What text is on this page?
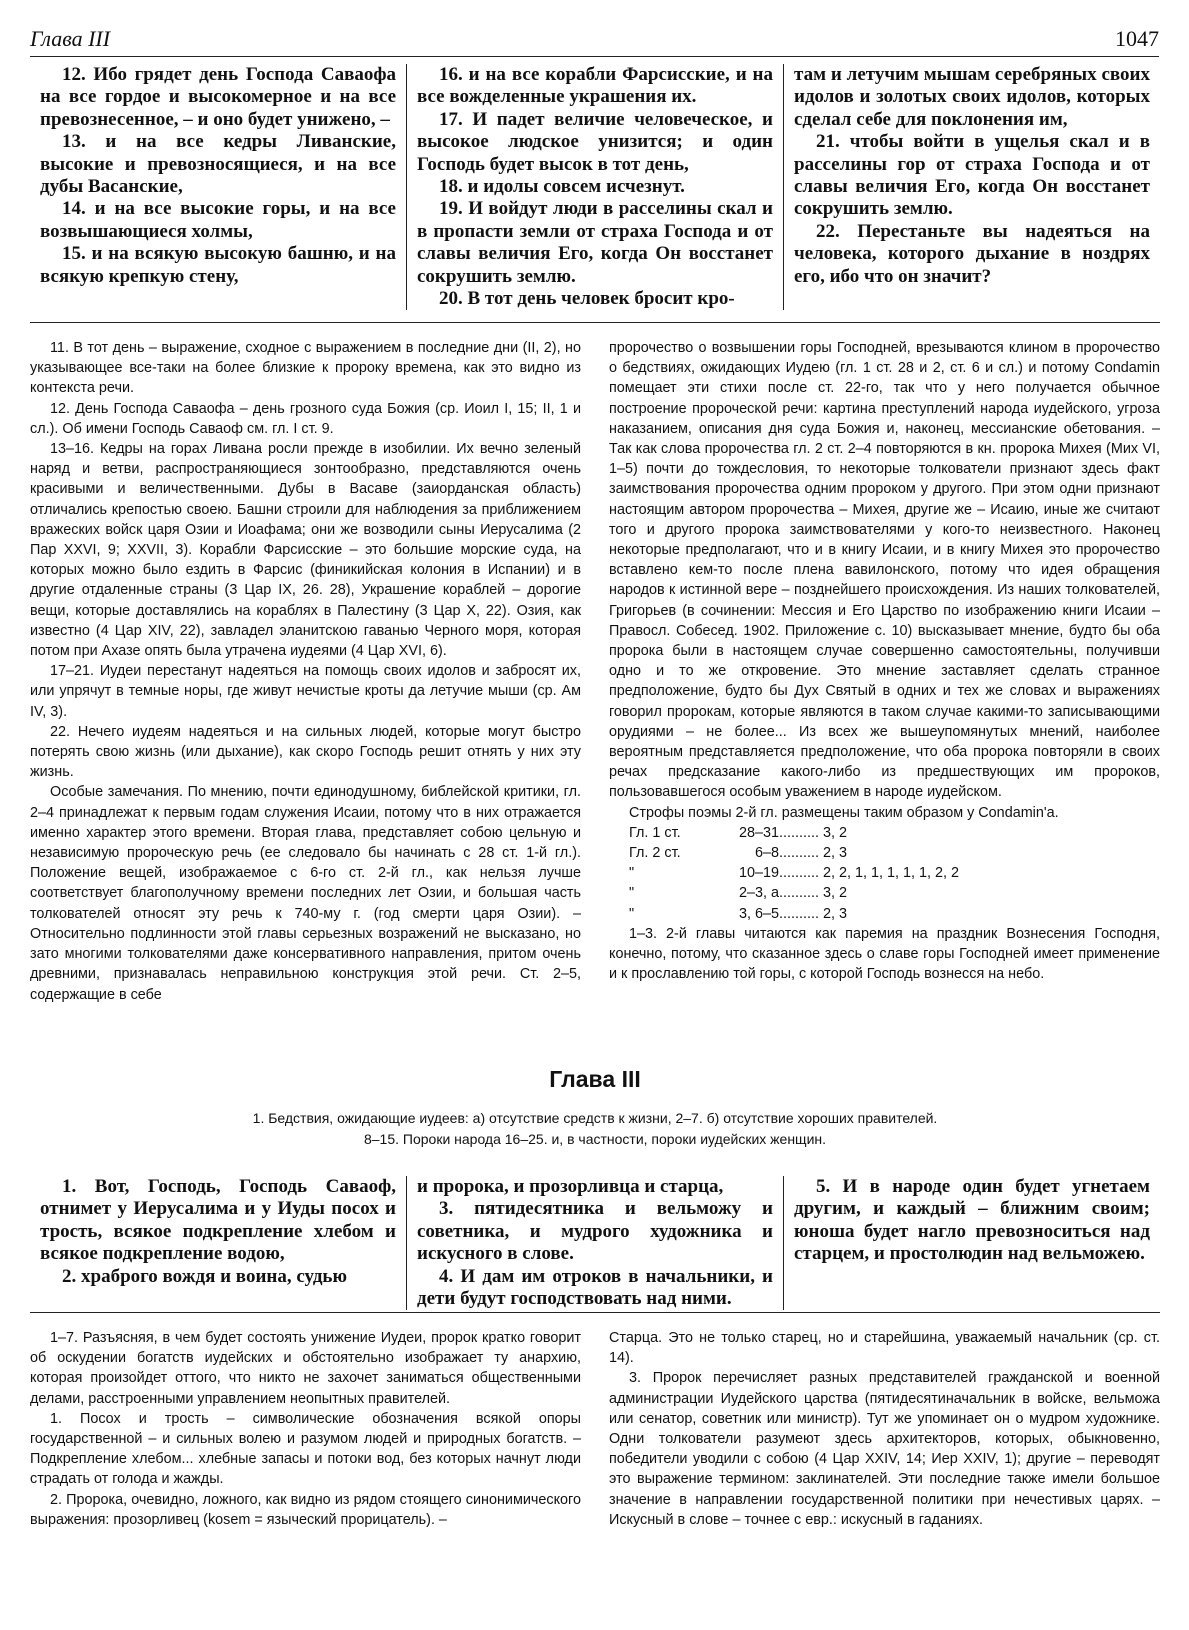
Глава III	1047

12. Ибо грядет день Господа Саваофа на все гордое и высокомерное и на все превознесенное, – и оно будет унижено, –

13. и на все кедры Ливанские, высокие и превозносящиеся, и на все дубы Васанские,

14. и на все высокие горы, и на все возвышающиеся холмы,

15. и на всякую высокую башню, и на всякую крепкую стену,

16. и на все корабли Фарсисские, и на все вожделенные украшения их.

17. И падет величие человеческое, и высокое людское унизится; и один Господь будет высок в тот день,

18. и идолы совсем исчезнут.

19. И войдут люди в расселины скал и в пропасти земли от страха Господа и от славы величия Его, когда Он восстанет сокрушить землю.

20. В тот день человек бросит кро-

там и летучим мышам серебряных своих идолов и золотых своих идолов, которых сделал себе для поклонения им,

21. чтобы войти в ущелья скал и в расселины гор от страха Господа и от славы величия Его, когда Он восстанет сокрушить землю.

22. Перестаньте вы надеяться на человека, которого дыхание в ноздрях его, ибо что он значит?

11. В тот день – выражение, сходное с выражением в последние дни (II, 2), но указывающее все-таки на более близкие к пророку времена, как это видно из контекста речи.

12. День Господа Саваофа – день грозного суда Божия (ср. Иоил I, 15; II, 1 и сл.). Об имени Господь Саваоф см. гл. I ст. 9.

13–16. Кедры на горах Ливана росли прежде в изобилии. Их вечно зеленый наряд и ветви, распространяющиеся зонтообразно, представляются очень красивыми и величественными. Дубы в Васаве (заиорданская область) отличались крепостью своею. Башни строили для наблюдения за приближением вражеских войск царя Озии и Иоафама; они же возводили сыны Иерусалима (2 Пар XXVI, 9; XXVII, 3). Корабли Фарсисские – это большие морские суда, на которых можно было ездить в Фарсис (финикийская колония в Испании) и в другие отдаленные страны (3 Цар IX, 26. 28), Украшение кораблей – дорогие вещи, которые доставлялись на кораблях в Палестину (3 Цар X, 22). Озия, как известно (4 Цар XIV, 22), завладел эланитскою гаванью Черного моря, которая потом при Ахазе опять была утрачена иудеями (4 Цар XVI, 6).

17–21. Иудеи перестанут надеяться на помощь своих идолов и забросят их, или упрячут в темные норы, где живут нечистые кроты да летучие мыши (ср. Ам IV, 3).

22. Нечего иудеям надеяться и на сильных людей, которые могут быстро потерять свою жизнь (или дыхание), как скоро Господь решит отнять у них эту жизнь.

Особые замечания. По мнению, почти единодушному, библейской критики, гл. 2–4 принадлежат к первым годам служения Исаии, потому что в них отражается именно характер этого времени. Вторая глава, представляет собою цельную и независимую пророческую речь (ее следовало бы начинать с 28 ст. 1-й гл.). Положение вещей, изображаемое с 6-го ст. 2-й гл., как нельзя лучше соответствует благополучному времени последних лет Озии, и большая часть толкователей относят эту речь к 740-му г. (год смерти царя Озии). – Относительно подлинности этой главы серьезных возражений не высказано, но зато многими толкователями даже консервативного направления, притом очень древними, признавалась неправильною конструкция этой речи. Ст. 2–5, содержащие в себе

пророчество о возвышении горы Господней, врезываются клином в пророчество о бедствиях, ожидающих Иудею (гл. 1 ст. 28 и 2, ст. 6 и сл.) и потому Condamin помещает эти стихи после ст. 22-го, так что у него получается обычное построение пророческой речи: картина преступлений народа иудейского, угроза наказанием, описания дня суда Божия и, наконец, мессианские обетования. – Так как слова пророчества гл. 2 ст. 2–4 повторяются в кн. пророка Михея (Мих VI, 1–5) почти до тождесловия, то некоторые толкователи признают здесь факт заимствования пророчества одним пророком у другого. При этом одни признают настоящим автором пророчества – Михея, другие же – Исаию, иные же считают того и другого пророка заимствователями у кого-то неизвестного. Наконец некоторые предполагают, что и в книгу Исаии, и в книгу Михея это пророчество вставлено кем-то после плена вавилонского, потому что идея обращения народов к истинной вере – позднейшего происхождения. Из наших толкователей, Григорьев (в сочинении: Мессия и Его Царство по изображению книги Исаии – Правосл. Собесед. 1902. Приложение с. 10) высказывает мнение, будто бы оба пророка были в настоящем случае совершенно самостоятельны, получивши одно и то же откровение. Это мнение заставляет сделать странное предположение, будто бы Дух Святый в одних и тех же словах и выражениях говорил пророкам, которые являются в таком случае какими-то записывающими орудиями – не более... Из всех же вышеупомянутых мнений, наиболее вероятным представляется предположение, что оба пророка повторяли в своих речах предсказание какого-либо из предшествующих им пророков, пользовавшегося особым уважением в народе иудейском.

Строфы поэмы 2-й гл. размещены таким образом у Condamin'a.

Гл. 1 ст.	28–31 .......... 3, 2
Гл. 2 ст.	6–8 .......... 2, 3
"	10–19 .......... 2, 2, 1, 1, 1, 1, 1, 2, 2
"	2–3, а .......... 3, 2
"	3, 6–5 .......... 2, 3

1–3. 2-й главы читаются как паремия на праздник Вознесения Господня, конечно, потому, что сказанное здесь о славе горы Господней имеет применение и к прославлению той горы, с которой Господь вознесся на небо.

Глава III
1. Бедствия, ожидающие иудеев: а) отсутствие средств к жизни, 2–7. б) отсутствие хороших правителей.
8–15. Пороки народа 16–25. и, в частности, пороки иудейских женщин.

1. Вот, Господь, Господь Саваоф, отнимет у Иерусалима и у Иуды посох и трость, всякое подкрепление хлебом и всякое подкрепление водою,

2. храброго вождя и воина, судью

и пророка, и прозорливца и старца,

3. пятидесятника и вельможу и советника, и мудрого художника и искусного в слове.

4. И дам им отроков в начальники, и дети будут господствовать над ними.

5. И в народе один будет угнетаем другим, и каждый – ближним своим; юноша будет нагло превозноситься над старцем, и простолюдин над вельможею.

1–7. Разъясняя, в чем будет состоять унижение Иудеи, пророк кратко говорит об оскудении богатств иудейских и обстоятельно изображает ту анархию, которая произойдет оттого, что никто не захочет заниматься общественными делами, расстроенными управлением неопытных правителей.

1. Посох и трость – символические обозначения всякой опоры государственной – и сильных волею и разумом людей и природных богатств. – Подкрепление хлебом... хлебные запасы и потоки вод, без которых начнут люди страдать от голода и жажды.

2. Пророка, очевидно, ложного, как видно из рядом стоящего синонимического выражения: прозорливец (kosem = языческий прорицатель). –

Старца. Это не только старец, но и старейшина, уважаемый начальник (ср. ст. 14).

3. Пророк перечисляет разных представителей гражданской и военной администрации Иудейского царства (пятидесятиначальник в войске, вельможа или сенатор, советник или министр). Тут же упоминает он о мудром художнике. Одни толкователи разумеют здесь архитекторов, которых, обыкновенно, победители уводили с собою (4 Цар XXIV, 14; Иер XXIV, 1); другие – переводят это выражение термином: заклинателей. Эти последние также имели большое значение в направлении государственной политики при нечестивых царях. – Искусный в слове – точнее с евр.: искусный в гаданиях.
